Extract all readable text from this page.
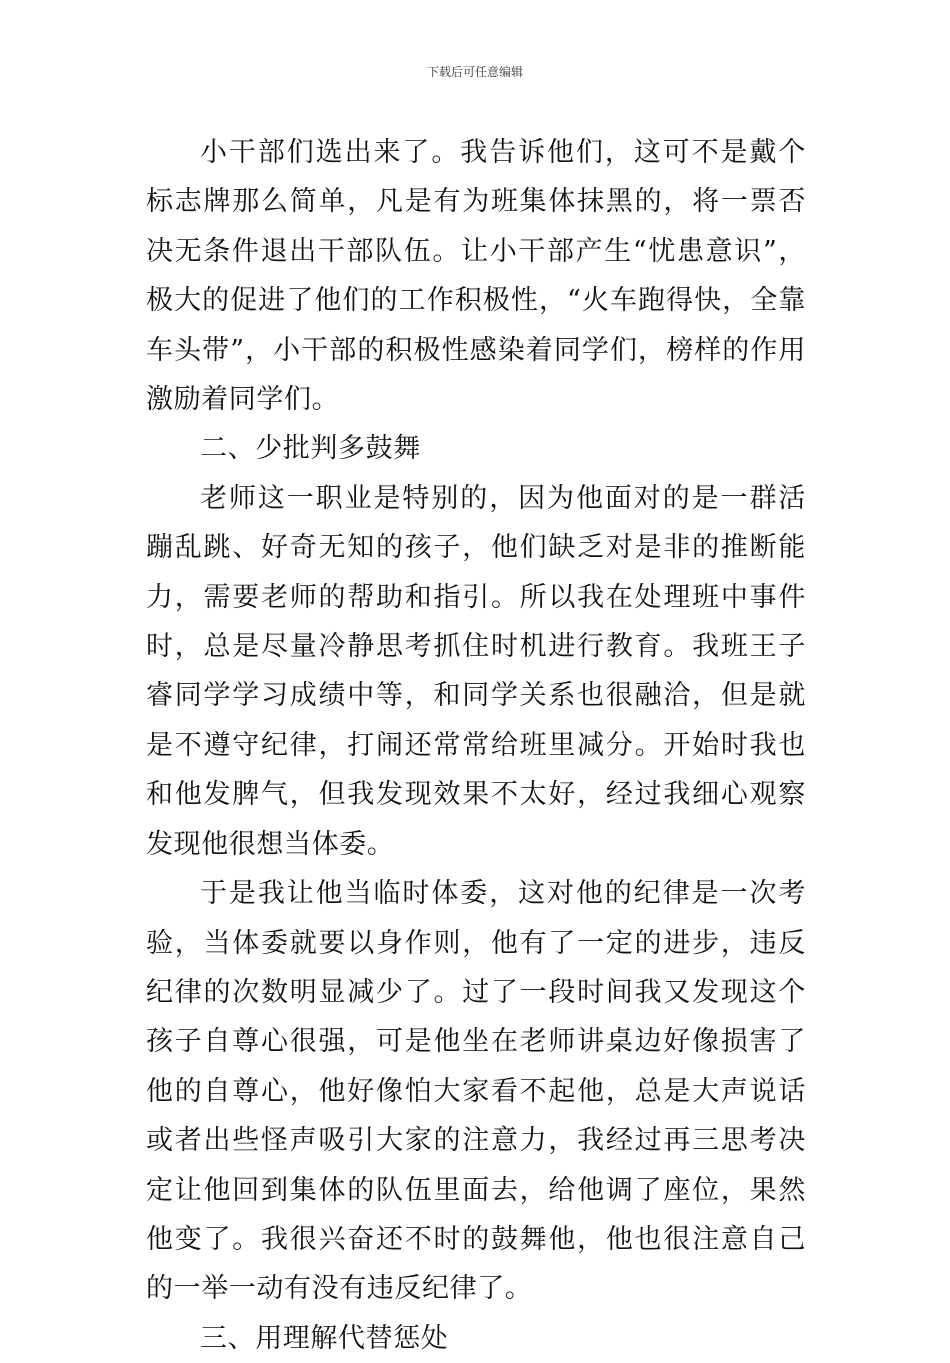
下载后可任意编辑

小干部们选出来了。我告诉他们，这可不是戴个标志牌那么简单，凡是有为班集体抹黑的，将一票否决无条件退出干部队伍。让小干部产生“忧患意识”，极大的促进了他们的工作积极性，“火车跑得快，全靠车头带”，小干部的积极性感染着同学们，榜样的作用激励着同学们。

二、少批判多鼓舞

老师这一职业是特别的，因为他面对的是一群活蹦乱跳、好奇无知的孩子，他们缺乏对是非的推断能力，需要老师的帮助和指引。所以我在处理班中事件时，总是尽量冷静思考抓住时机进行教育。我班王子睿同学学习成绩中等，和同学关系也很融洽，但是就是不遵守纪律，打闹还常常给班里减分。开始时我也和他发脾气，但我发现效果不太好，经过我细心观察发现他很想当体委。

于是我让他当临时体委，这对他的纪律是一次考验，当体委就要以身作则，他有了一定的进步，违反纪律的次数明显减少了。过了一段时间我又发现这个孩子自尊心很强，可是他坐在老师讲桌边好像损害了他的自尊心，他好像怕大家看不起他，总是大声说话或者出些怪声吸引大家的注意力，我经过再三思考决定让他回到集体的队伍里面去，给他调了座位，果然他变了。我很兴奋还不时的鼓舞他，他也很注意自己的一举一动有没有违反纪律了。

三、用理解代替惩处
